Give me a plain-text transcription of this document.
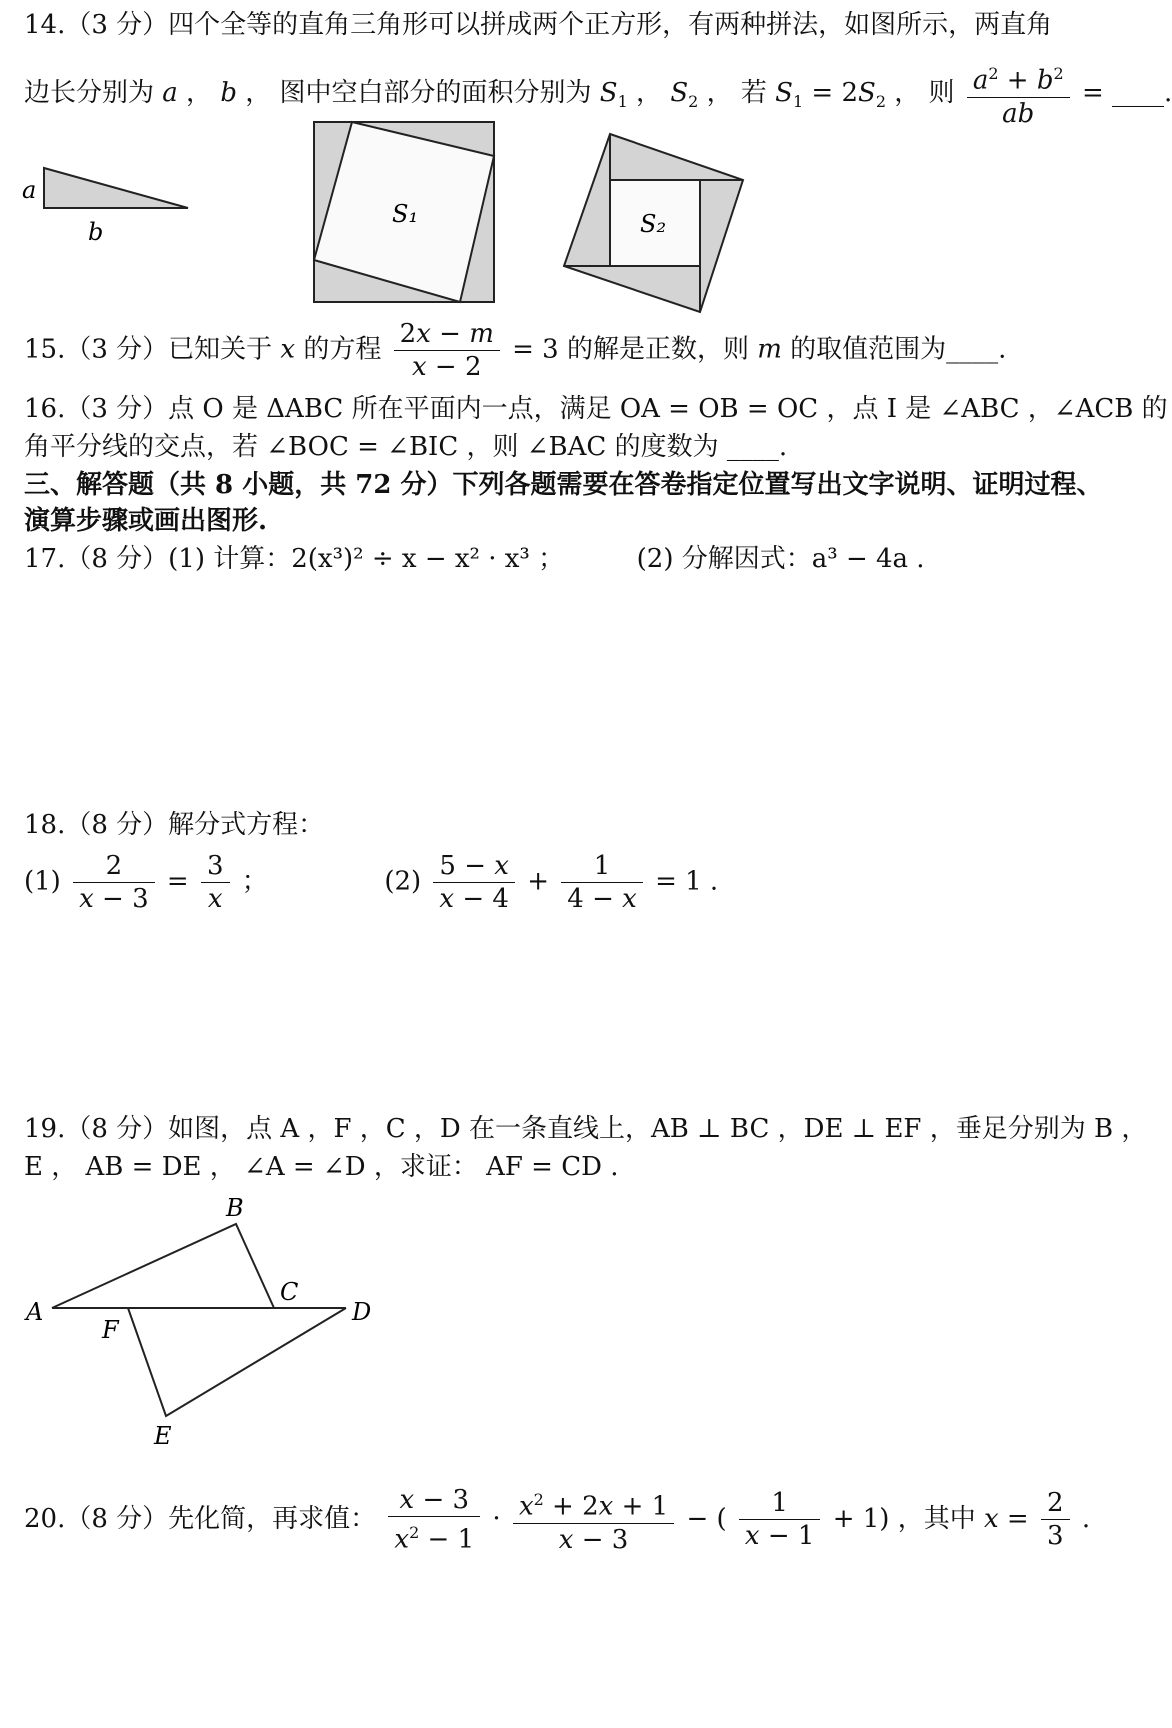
14.（3 分）四个全等的直角三角形可以拼成两个正方形，有两种拼法，如图所示，两直角
边长分别为 a ， b ， 图中空白部分的面积分别为 $S_1$ ， $S_2$ ， 若 $S_1 = 2S_2$ ， 则 $\frac{a^2 + b^2}{ab}$ = ____.
a
b
S₁	S₂
15.（3 分）已知关于 x 的方程 $\frac{2x - m}{x - 2} = 3$ 的解是正数，则 m 的取值范围为____.
16.（3 分）点 O 是 ΔABC 所在平面内一点，满足 OA = OB = OC ，点 I 是 ∠ABC ，∠ACB 的
角平分线的交点，若 ∠BOC = ∠BIC ，则 ∠BAC 的度数为 ____.
三、解答题（共 8 小题，共 72 分）下列各题需要在答卷指定位置写出文字说明、证明过程、
演算步骤或画出图形.
17.（8 分）(1) 计算：2(x³)² ÷ x − x² · x³ ；	(2) 分解因式：a³ − 4a .
18.（8 分）解分式方程：
$(1) \frac{2}{x - 3} = \frac{3}{x}$ ；	$(2) \frac{5 - x}{x - 4} + \frac{1}{4 - x} = 1$ .
19.（8 分）如图，点 A ，F ，C ，D 在一条直线上，AB ⊥ BC ，DE ⊥ EF ，垂足分别为 B ，
E ， AB = DE ， ∠A = ∠D ，求证： AF = CD .
A
B
C
D
E
F
20.（8 分）先化简，再求值： $\frac{x - 3}{x^2 - 1} \cdot \frac{x^2 + 2x + 1}{x - 3}$ − ( $\frac{1}{x - 1} + 1$) ，其中 $x = \frac{2}{3}$ .
